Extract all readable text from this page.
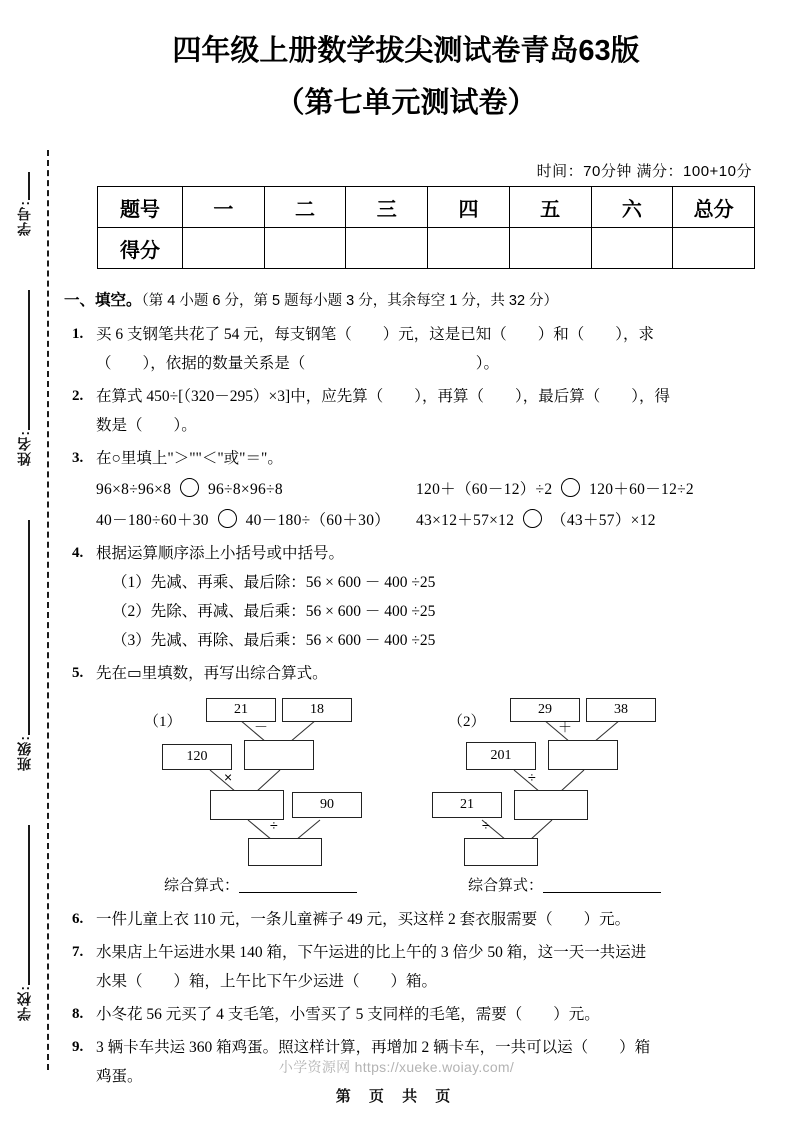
学号:
姓名:
班级:
学校:
四年级上册数学拔尖测试卷青岛63版
（第七单元测试卷）
时间：70分钟 满分：100+10分
题号	一	二	三	四	五	六	总分
得分							
一、填空。（第 4 小题 6 分，第 5 题每小题 3 分，其余每空 1 分，共 32 分）
1. 买 6 支钢笔共花了 54 元，每支钢笔（　　）元，这是已知（　　）和（　　），求
（　　），依据的数量关系是（　　　　　　　　　　　）。
2. 在算式 450÷[（320－295）×3]中，应先算（　　），再算（　　），最后算（　　），得
数是（　　）。
3. 在○里填上"＞""＜"或"＝"。
96×8÷96×8 96÷8×96÷8	120＋（60－12）÷2 120＋60－12÷2
40－180÷60＋30 40－180÷（60＋30）	43×12＋57×12 （43＋57）×12
4. 根据运算顺序添上小括号或中括号。
（1）先减、再乘、最后除：56 × 600 － 400 ÷25
（2）先除、再减、最后乘：56 × 600 － 400 ÷25
（3）先减、再除、最后乘：56 × 600 － 400 ÷25
5. 先在▭里填数，再写出综合算式。
（1）
21	18
－
120
×
90
÷
（2）
29	38
＋
201
÷
21
÷
综合算式：	综合算式：
6. 一件儿童上衣 110 元，一条儿童裤子 49 元，买这样 2 套衣服需要（　　）元。
7. 水果店上午运进水果 140 箱，下午运进的比上午的 3 倍少 50 箱，这一天一共运进
水果（　　）箱，上午比下午少运进（　　）箱。
8. 小冬花 56 元买了 4 支毛笔，小雪买了 5 支同样的毛笔，需要（　　）元。
9. 3 辆卡车共运 360 箱鸡蛋。照这样计算，再增加 2 辆卡车，一共可以运（　　）箱
鸡蛋。
小学资源网 https://xueke.woiay.com/
第 页 共 页
